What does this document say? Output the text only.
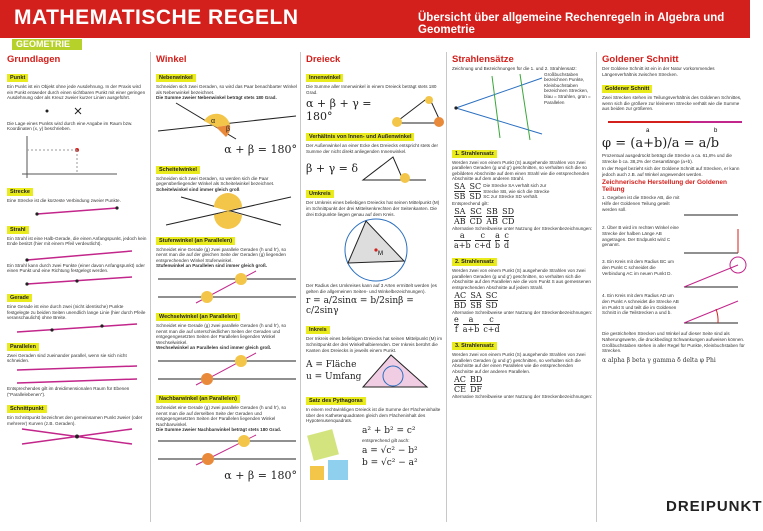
MATHEMATISCHE REGELN	Übersicht über allgemeine Rechenregeln in Algebra und Geometrie
GEOMETRIE
Grundlagen
Punkt
Ein Punkt ist ein Objekt ohne jede Ausdehnung. In der Praxis wird ein Punkt entweder durch einen sichtbaren Punkt mit einer geringen Ausdehnung oder als Kreuz zweier kurzer Linien ausgeführt.
Die Lage eines Punkts wird durch eine Angabe im Raum bzw. Koordinaten (x, y) beschrieben.
Strecke
Eine Strecke ist die kürzeste Verbindung zweier Punkte.
Strahl
Ein Strahl ist eine Halb-Gerade, die einen Anfangspunkt, jedoch kein Ende besitzt (hier mit einem Pfeil verdeutlicht).
Ein Strahl kann durch zwei Punkte (einer davon Anfangspunkt) oder einen Punkt und eine Richtung festgelegt werden.
Gerade
Eine Gerade ist eine durch zwei (nicht identische) Punkte festgelegte zu beiden Seiten unendlich lange Linie (hier durch Pfeile veranschaulicht) ohne Breite.
Parallelen
Zwei Geraden sind zueinander parallel, wenn sie sich nicht schneiden.
Entsprechendes gilt im dreidimensionalen Raum für Ebenen ("Parallelebenen").
Schnittpunkt
Ein Schnittpunkt bezeichnet den gemeinsamen Punkt zweier (oder mehrerer) Kurven (z.B. Geraden).
Winkel
Nebenwinkel
Schneiden sich zwei Geraden, so wird das Paar benachbarter Winkel als Nebenwinkel bezeichnet.
Die Summe zweier Nebenwinkel beträgt stets 180 Grad.
α
β
α + β = 180°
Scheitelwinkel
Schneiden sich zwei Geraden, so werden sich die Paar gegenüberliegender Winkel als Scheitelwinkel bezeichnet.
Scheitelwinkel sind immer gleich groß
Stufenwinkel (an Parallelen)
Schneidet eine Gerade (g) zwei parallele Geraden (h und h'), so nennt man die auf der gleichen Seite der Geraden (g) liegenden entsprechenden Winkel Stufenwinkel.
Stufenwinkel an Parallelen sind immer gleich groß.
Wechselwinkel (an Parallelen)
Schneidet eine Gerade (g) zwei parallele Geraden (h und h'), so nennt man die auf unterschiedlichen Seiten der Geraden und entgegengesetzten Seiten der Parallelen liegenden Winkel Wechselwinkel.
Wechselwinkel an Parallelen sind immer gleich groß.
Nachbarwinkel (an Parallelen)
Schneidet eine Gerade (g) zwei parallele Geraden (h und h'), so nennt man die auf derselben Seite der Geraden und entgegengesetzten Seiten der Parallelen liegenden Winkel Nachbarwinkel.
Die Summe zweier Nachbarwinkel beträgt stets 180 Grad.
α + β = 180°
Dreieck
Innenwinkel
Die Summe aller Innenwinkel in einem Dreieck beträgt stets 180 Grad.
α + β + γ = 180°
Verhältnis von Innen- und Außenwinkel
Der Außenwinkel an einer Ecke des Dreiecks entspricht stets der Summe der nicht direkt anliegenden Innenwinkel.
β + γ = δ
Umkreis
Der Umkreis eines beliebigen Dreiecks hat seinen Mittelpunkt (M) im Schnittpunkt der drei Mittelsenkrechten der Seitenkanten. Die drei Eckpunkte liegen genau auf dem Kreis.
M
Der Radius des Umkreises kann auf 3 Arten ermittelt werden (es gelten die allgemeinen Seiten- und Winkelbezeichnungen).
r = a/2sinα = b/2sinβ = c/2sinγ
Inkreis
Der Inkreis eines beliebigen Dreiecks hat seinen Mittelpunkt (M) im Schnittpunkt der drei Winkelhalbierenden. Der Inkreis berührt die Kanten des Dreiecks in jeweils einem Punkt.
A = Fläche
u = Umfang
Satz des Pythagoras
In einem rechtwinkligen Dreieck ist die Summe der Flächeninhalte über den Kathetenquadraten gleich dem Flächeninhalt des Hypotenusenquadrats.
a² + b² = c²
entsprechend gilt auch:
a = √c² − b²
b = √c² − a²
Strahlensätze
Zeichnung und Bezeichnungen für die 1. und 2. Strahlensatz:
Großbuchstaben bezeichnen Punkte, Kleinbuchstaben bezeichnen Strecken, blau = Strahlen, grün = Parallelen
1. Strahlensatz
Werden zwei von einem Punkt (S) ausgehende Strahlen von zwei parallelen Geraden (g und g') geschnitten, so verhalten sich die so gebildeten Abschnitte auf dem einen Strahl wie die entsprechenden Abschnitte auf dem anderen Strahl.
$\frac{SA}{SB} \frac{SC}{SD}$ Die Strecke SA verhält sich zur Strecke SB, wie sich die Strecke SC zur Strecke SD verhält.
Entsprechend gilt:
$\frac{SA}{AB} \frac{SC}{CD} \frac{SB}{AB} \frac{SD}{CD}$
Alternative Schreibweise unter Nutzung der Streckenbezeichnungen:
$\frac{a}{a+b} \frac{c}{c+d} \frac{a}{b} \frac{c}{d}$
2. Strahlensatz
Werden zwei von einem Punkt (S) ausgehende Strahlen von zwei parallelen Geraden (g und g') geschnitten, so verhalten sich die Abschnitte auf den Parallelen wie die vom Punkt S aus gemessenen entsprechenden Abschnitte auf jedem Strahl.
$\frac{AC}{BD} \frac{SA}{SB} \frac{SC}{SD}$
Alternative Schreibweise unter Nutzung der Streckenbezeichnungen:
$\frac{e}{f} \frac{a}{a+b} \frac{c}{c+d}$
3. Strahlensatz
Werden zwei von einem Punkt (S) ausgehende Strahlen von zwei parallelen Geraden (g und g') geschnitten, so verhalten sich die Abschnitte auf der einen Parallelen wie die entsprechenden Abschnitte auf der anderen Parallelen.
$\frac{AC}{CE} \frac{BD}{DF}$
Alternative Schreibweise unter Nutzung der Streckenbezeichnungen:
Goldener Schnitt
Der Goldene Schnitt ist ein in der Natur vorkommendes Längenverhältnis zwischen Strecken.
Goldener Schnitt
Zwei Strecken stehen im Teilungsverhältnis des Goldenen Schnittes, wenn sich die größere zur kleineren Strecke verhält wie die Summe aus beiden zur größeren.
a	b
φ = (a+b)/a = a/b
Prozentual ausgedrückt beträgt die Strecke a ca. 61,8% und die Strecke b ca. 38,2% der Gesamtlänge (a+b).
In der Regel bezieht sich der Goldene Schnitt auf Strecken, er kann jedoch auch z.B. auf Winkel angewendet werden.
Zeichnerische Herstellung der Goldenen Teilung
1. Gegeben ist die Strecke AB, die mit Hilfe der Goldenen Teilung geteilt werden soll.
2. Über B wird im rechten Winkel eine Strecke der halben Länge AB angetragen. Der Endpunkt wird C genannt.
3. Ein Kreis mit dem Radius BC um den Punkt C schneidet die Verbindung AC im neuen Punkt D.
4. Ein Kreis mit dem Radius AD um den Punkt A schneidet die Strecke AB im Punkt S und teilt die im Goldenen Schnitt in die Teilstrecken a und b.
Die gestrichelten Strecken und Winkel auf dieser Seite sind als Näherungswerte, die druckbedingt Schwankungen aufweisen können. Großbuchstaben stehen in aller Regel für Punkte, Kleinbuchstaben für Strecken.
α alpha β beta γ gamma δ delta φ Phi
DREIPUNKT
